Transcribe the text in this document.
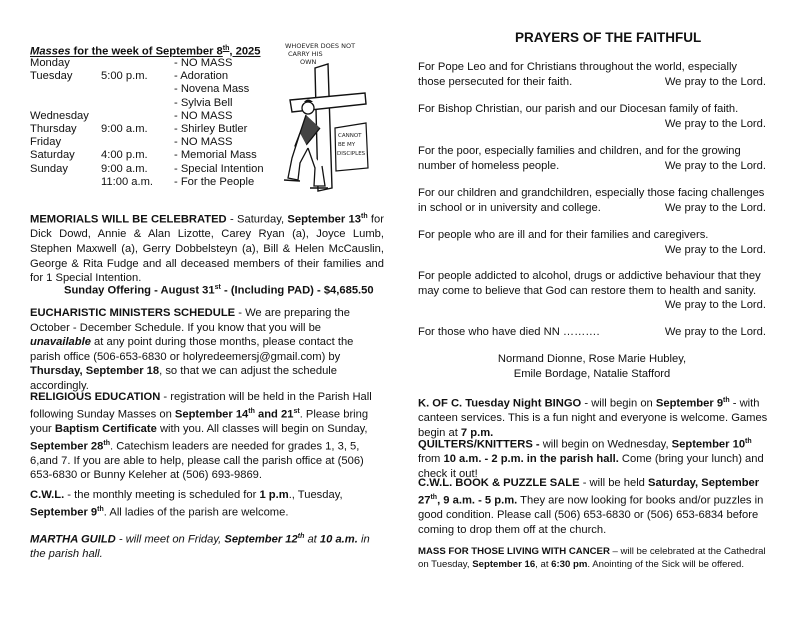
Masses for the week of September 8th, 2025
Monday	- NO MASS
Tuesday	5:00 p.m. - Adoration
- Novena Mass
- Sylvia Bell
Wednesday	- NO MASS
Thursday 9:00 a.m. - Shirley Butler
Friday	- NO MASS
Saturday 4:00 p.m. - Memorial Mass
Sunday	9:00 a.m. - Special Intention
11:00 a.m. - For the People
WHOEVER DOES NOT
CARRY HIS
OWN
CANNOT
BE MY
DISCIPLES
MEMORIALS WILL BE CELEBRATED - Saturday, September 13th for Dick Dowd, Annie & Alan Lizotte, Carey Ryan (a), Joyce Lumb, Stephen Maxwell (a), Gerry Dobbelsteyn (a), Bill & Helen McCauslin, George & Rita Fudge and all deceased members of their families and for 1 Special Intention.
Sunday Offering - August 31st - (Including PAD) - $4,685.50
EUCHARISTIC MINISTERS SCHEDULE - We are preparing the October - December Schedule. If you know that you will be unavailable at any point during those months, please contact the parish office (506-653-6830 or holyredeemersj@gmail.com) by Thursday, September 18, so that we can adjust the schedule accordingly.
RELIGIOUS EDUCATION - registration will be held in the Parish Hall following Sunday Masses on September 14th and 21st. Please bring your Baptism Certificate with you. All classes will begin on Sunday, September 28th. Catechism leaders are needed for grades 1, 3, 5, 6,and 7. If you are able to help, please call the parish office at (506) 653-6830 or Bunny Keleher at (506) 693-9869.
C.W.L. - the monthly meeting is scheduled for 1 p.m., Tuesday, September 9th. All ladies of the parish are welcome.
MARTHA GUILD - will meet on Friday, September 12th at 10 a.m. in the parish hall.
PRAYERS OF THE FAITHFUL
For Pope Leo and for Christians throughout the world, especially those persecuted for their faith.	We pray to the Lord.
For Bishop Christian, our parish and our Diocesan family of faith.
We pray to the Lord.
For the poor, especially families and children, and for the growing number of homeless people.	We pray to the Lord.
For our children and grandchildren, especially those facing challenges in school or in university and college.	We pray to the Lord.
For people who are ill and for their families and caregivers.
We pray to the Lord.
For people addicted to alcohol, drugs or addictive behaviour that they may come to believe that God can restore them to health and sanity.
We pray to the Lord.
For those who have died NN ……….	We pray to the Lord.
Normand Dionne, Rose Marie Hubley,
Emile Bordage, Natalie Stafford
K. OF C. Tuesday Night BINGO - will begin on September 9th - with canteen services. This is a fun night and everyone is welcome. Games begin at 7 p.m.
QUILTERS/KNITTERS - will begin on Wednesday, September 10th from 10 a.m. - 2 p.m. in the parish hall. Come (bring your lunch) and check it out!
C.W.L. BOOK & PUZZLE SALE - will be held Saturday, September 27th, 9 a.m. - 5 p.m. They are now looking for books and/or puzzles in good condition. Please call (506) 653-6830 or (506) 653-6834 before coming to drop them off at the church.
MASS FOR THOSE LIVING WITH CANCER – will be celebrated at the Cathedral on Tuesday, September 16, at 6:30 pm. Anointing of the Sick will be offered.
